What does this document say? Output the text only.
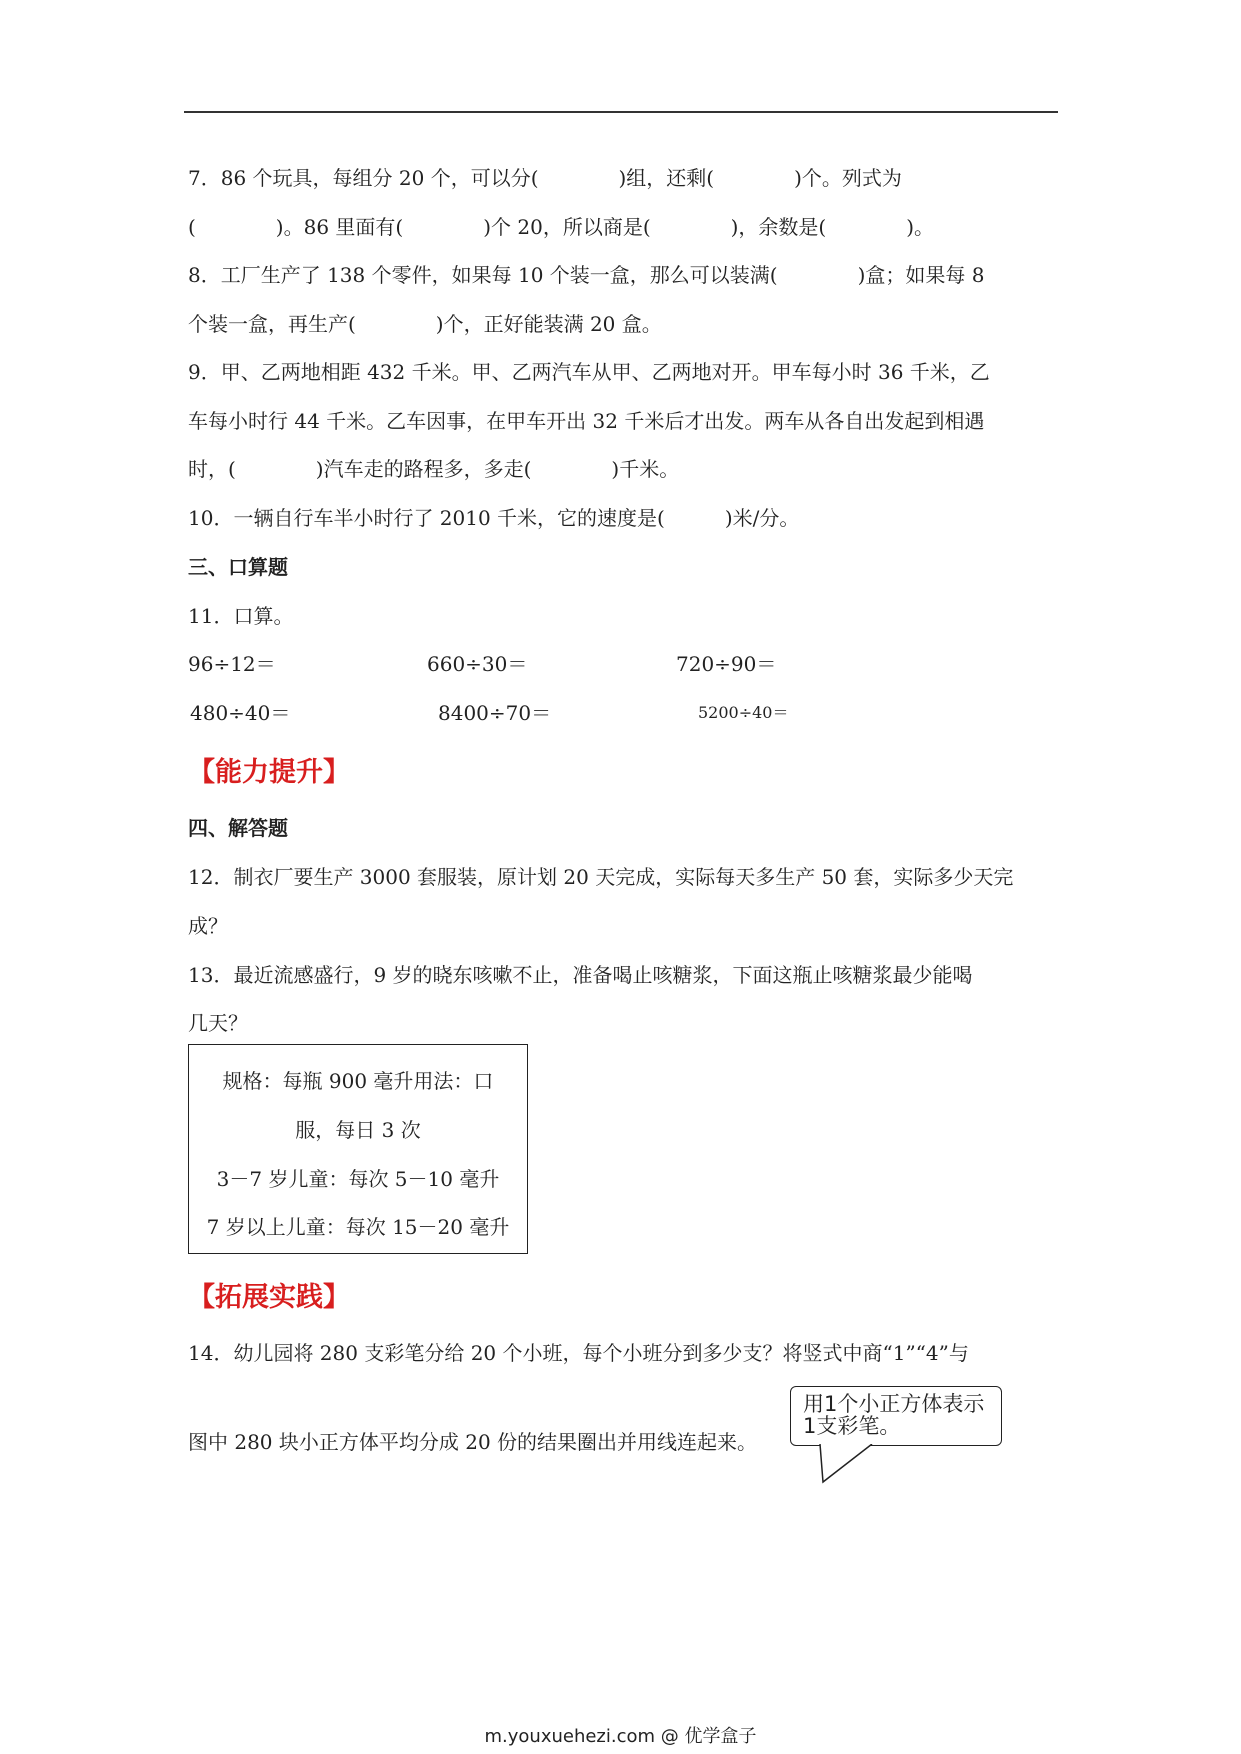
7．86 个玩具，每组分 20 个，可以分(　　　　)组，还剩(　　　　)个。列式为
(　　　　)。86 里面有(　　　　)个 20，所以商是(　　　　)，余数是(　　　　)。
8．工厂生产了 138 个零件，如果每 10 个装一盒，那么可以装满(　　　　)盒；如果每 8
个装一盒，再生产(　　　　)个，正好能装满 20 盒。
9．甲、乙两地相距 432 千米。甲、乙两汽车从甲、乙两地对开。甲车每小时 36 千米，乙
车每小时行 44 千米。乙车因事，在甲车开出 32 千米后才出发。两车从各自出发起到相遇
时，(　　　　)汽车走的路程多，多走(　　　　)千米。
10．一辆自行车半小时行了 2010 千米，它的速度是(　　　)米/分。
三、口算题
11．口算。
96÷12＝	660÷30＝	720÷90＝
480÷40＝	8400÷70＝	5200÷40＝
【能力提升】
四、解答题
12．制衣厂要生产 3000 套服装，原计划 20 天完成，实际每天多生产 50 套，实际多少天完
成？
13．最近流感盛行，9 岁的晓东咳嗽不止，准备喝止咳糖浆，下面这瓶止咳糖浆最少能喝
几天？
规格：每瓶 900 毫升用法：口
服，每日 3 次
3－7 岁儿童：每次 5－10 毫升
7 岁以上儿童：每次 15－20 毫升
【拓展实践】
14．幼儿园将 280 支彩笔分给 20 个小班，每个小班分到多少支？将竖式中商“1”“4”与
图中 280 块小正方体平均分成 20 份的结果圈出并用线连起来。
用1个小正方体表示
1支彩笔。
m.youxuehezi.com @ 优学盒子
